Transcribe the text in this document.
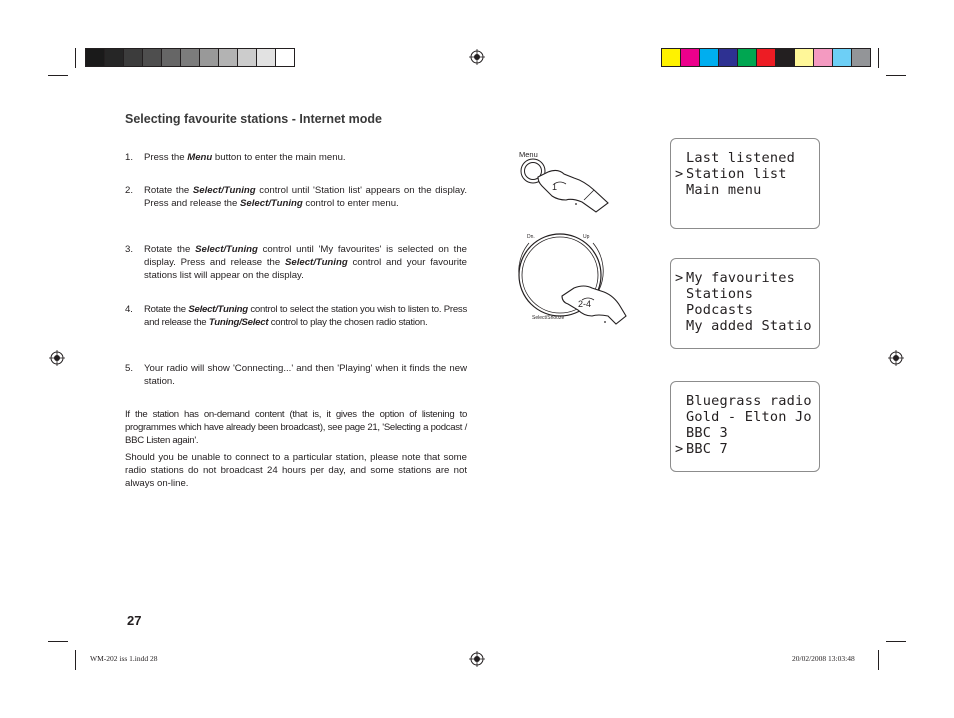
Selecting favourite stations - Internet mode
1. Press the Menu button to enter the main menu.
2. Rotate the Select/Tuning control until 'Station list' appears on the display. Press and release the Select/Tuning control to enter menu.
3. Rotate the Select/Tuning control until 'My favourites' is selected on the display. Press and release the Select/Tuning control and your favourite stations list will appear on the display.
4. Rotate the Select/Tuning control to select the station you wish to listen to. Press and release the Tuning/Select control to play the chosen radio station.
5. Your radio will show 'Connecting...' and then 'Playing' when it finds the new station.
If the station has on-demand content (that is, it gives the option of listening to programmes which have already been broadcast), see page 21, 'Selecting a podcast / BBC Listen again'.
Should you be unable to connect to a particular station, please note that some radio stations do not broadcast 24 hours per day, and some stations are not always on-line.
Menu
1
Dn.	Up
Select/Snooze
2-4
Last listened
> Station list
Main menu
> My favourites
Stations
Podcasts
My added Statio
Bluegrass radio
Gold - Elton Jo
BBC 3
> BBC 7
27
WM-202 iss 1.indd 28	20/02/2008 13:03:48
